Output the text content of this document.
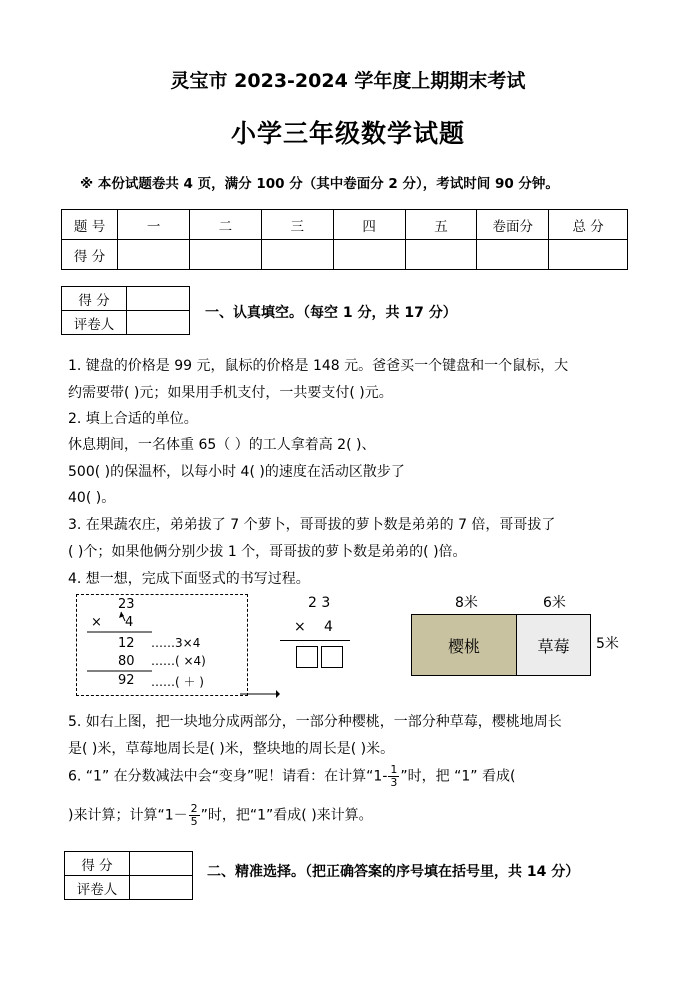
灵宝市 2023-2024 学年度上期期末考试
小学三年级数学试题
※ 本份试题卷共 4 页，满分 100 分（其中卷面分 2 分），考试时间 90 分钟。
题 号	一	二	三	四	五	卷面分	总 分
得 分							
得 分	
评卷人	
一、认真填空。（每空 1 分，共 17 分）
1. 键盘的价格是 99 元，鼠标的价格是 148 元。爸爸买一个键盘和一个鼠标，大
约需要带( )元；如果用手机支付，一共要支付( )元。
2. 填上合适的单位。
休息期间，一名体重 65（ ）的工人拿着高 2( )、
500( )的保温杯，以每小时 4( )的速度在活动区散步了
40( )。
3. 在果蔬农庄，弟弟拔了 7 个萝卜，哥哥拔的萝卜数是弟弟的 7 倍，哥哥拔了
( )个；如果他俩分别少拔 1 个，哥哥拔的萝卜数是弟弟的( )倍。
4. 想一想，完成下面竖式的书写过程。
23
× 4
12
80
92
……3×4
……( ×4)
……( ＋ )
2 3
× 4
8米	6米
樱桃	草莓 5米
5. 如右上图，把一块地分成两部分，一部分种樱桃，一部分种草莓，樱桃地周长
是( )米，草莓地周长是( )米，整块地的周长是( )米。
6. “1” 在分数减法中会“变身”呢！请看：在计算“$1- \frac{1}{3}$ ”时，把 “1” 看成(
)来计算；计算“$1- \frac{2}{5}$ ”时，把“1”看成( )来计算。
得 分	
评卷人	
二、精准选择。（把正确答案的序号填在括号里，共 14 分）
